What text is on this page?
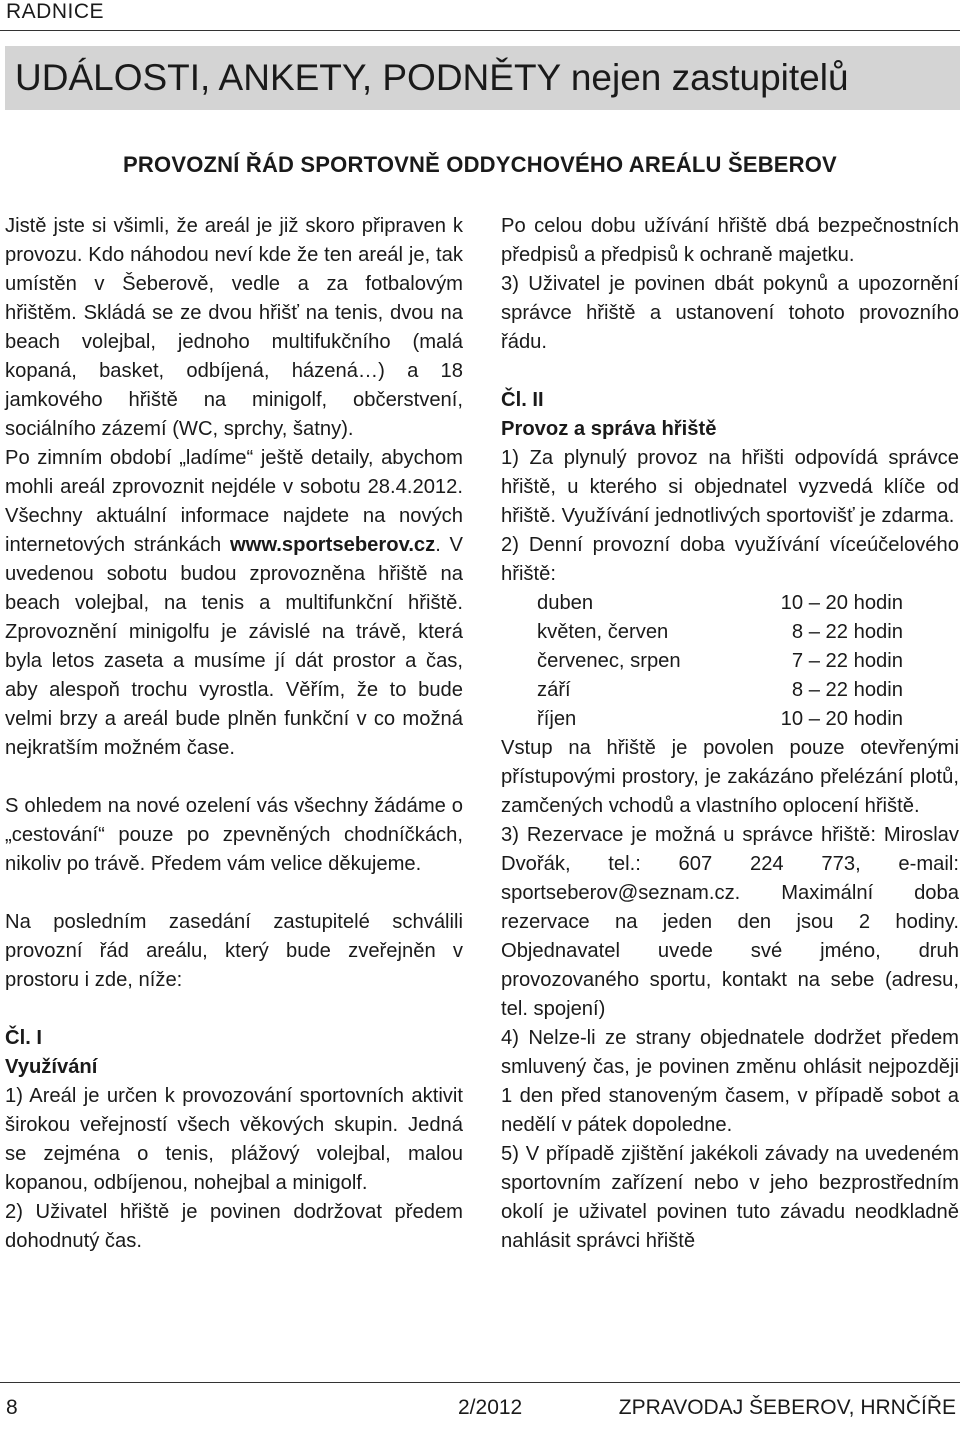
RADNICE
UDÁLOSTI, ANKETY, PODNĚTY nejen zastupitelů
PROVOZNÍ ŘÁD SPORTOVNĚ ODDYCHOVÉHO AREÁLU ŠEBEROV

Jistě jste si všimli, že areál je již skoro připraven k provozu. Kdo náhodou neví kde že ten areál je, tak umístěn v Šeberově, vedle a za fotbalovým hřištěm. Skládá se ze dvou hřišť na tenis, dvou na beach volejbal, jednoho multifukčního (malá kopaná, basket, odbíjená, házená…) a 18 jamkového hřiště na minigolf, občerstvení, sociálního zázemí (WC, sprchy, šatny).

Po zimním období „ladíme“ ještě detaily, abychom mohli areál zprovoznit nejdéle v sobotu 28.4.2012. Všechny aktuální informace najdete na nových internetových stránkách www.sportseberov.cz. V uvedenou sobotu budou zprovozněna hřiště na beach volejbal, na tenis a multifunkční hřiště. Zprovoznění minigolfu je závislé na trávě, která byla letos zaseta a musíme jí dát prostor a čas, aby alespoň trochu vyrostla. Věřím, že to bude velmi brzy a areál bude plněn funkční v co možná nejkratším možném čase.

S ohledem na nové ozelení vás všechny žádáme o „cestování“ pouze po zpevněných chodníčkách, nikoliv po trávě. Předem vám velice děkujeme.

Na posledním zasedání zastupitelé schválili provozní řád areálu, který bude zveřejněn v prostoru i zde, níže:

Čl. I

Využívání

1) Areál je určen k provozování sportovních aktivit širokou veřejností všech věkových skupin. Jedná se zejména o tenis, plážový volejbal, malou kopanou, odbíjenou, nohejbal a minigolf.

2) Uživatel hřiště je povinen dodržovat předem dohodnutý čas.

Po celou dobu užívání hřiště dbá bezpečnostních předpisů a předpisů k ochraně majetku.

3) Uživatel je povinen dbát pokynů a upozornění správce hřiště a ustanovení tohoto provozního řádu.

Čl. II

Provoz a správa hřiště

1) Za plynulý provoz na hřišti odpovídá správce hřiště, u kterého si objednatel vyzvedá klíče od hřiště. Využívání jednotlivých sportovišť je zdarma.

2) Denní provozní doba využívání víceúčelového hřiště:

duben	10 – 20 hodin
květen, červen	8 – 22 hodin
červenec, srpen	7 – 22 hodin
září	8 – 22 hodin
říjen	10 – 20 hodin

Vstup na hřiště je povolen pouze otevřenými přístupovými prostory, je zakázáno přelézání plotů, zamčených vchodů a vlastního oplocení hřiště.

3) Rezervace je možná u správce hřiště: Miroslav Dvořák, tel.: 607 224 773, e-mail: sportseberov@seznam.cz. Maximální doba rezervace na jeden den jsou 2 hodiny. Objednavatel uvede své jméno, druh provozovaného sportu, kontakt na sebe (adresu, tel. spojení)

4) Nelze-li ze strany objednatele dodržet předem smluvený čas, je povinen změnu ohlásit nejpozději 1 den před stanoveným časem, v případě sobot a nedělí v pátek dopoledne.

5) V případě zjištění jakékoli závady na uvedeném sportovním zařízení nebo v jeho bezprostředním okolí je uživatel povinen tuto závadu neodkladně nahlásit správci hřiště

8	2/2012	ZPRAVODAJ ŠEBEROV, HRNČÍŘE
